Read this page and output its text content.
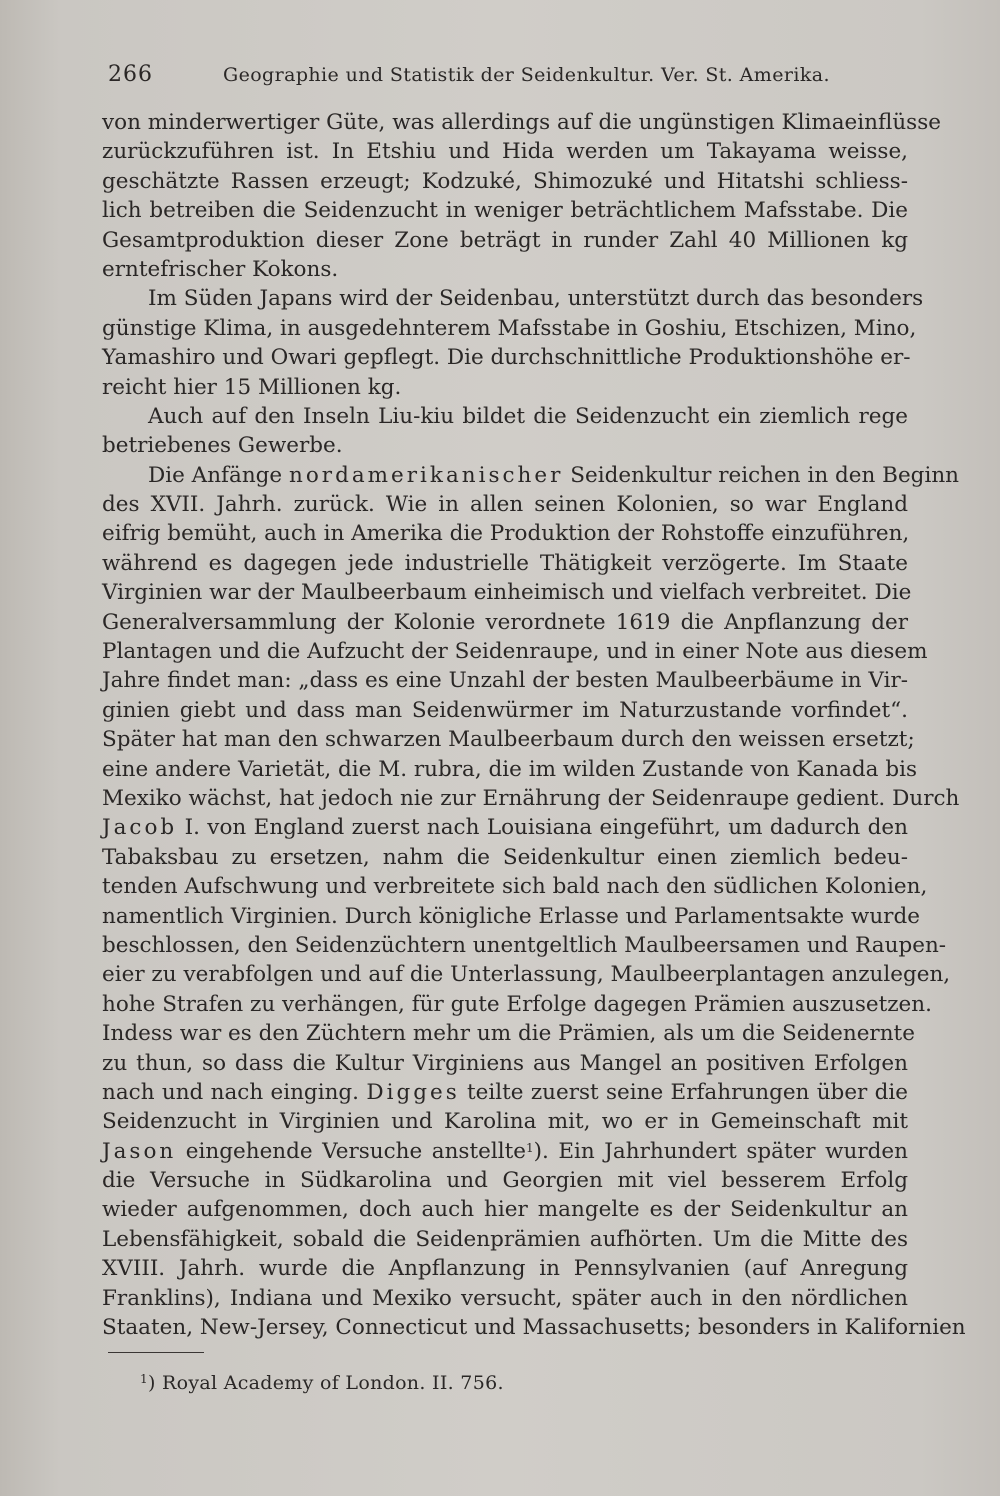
266	Geographie und Statistik der Seidenkultur. Ver. St. Amerika.
von minderwertiger Güte, was allerdings auf die ungünstigen Klimaeinflüsse
zurückzuführen ist. In Etshiu und Hida werden um Takayama weisse,
geschätzte Rassen erzeugt; Kodzuké, Shimozuké und Hitatshi schliess-
lich betreiben die Seidenzucht in weniger beträchtlichem Mafsstabe. Die
Gesamtproduktion dieser Zone beträgt in runder Zahl 40 Millionen kg
erntefrischer Kokons.
Im Süden Japans wird der Seidenbau, unterstützt durch das besonders
günstige Klima, in ausgedehnterem Mafsstabe in Goshiu, Etschizen, Mino,
Yamashiro und Owari gepflegt. Die durchschnittliche Produktionshöhe er-
reicht hier 15 Millionen kg.
Auch auf den Inseln Liu-kiu bildet die Seidenzucht ein ziemlich rege
betriebenes Gewerbe.
Die Anfänge nordamerikanischer Seidenkultur reichen in den Beginn
des XVII. Jahrh. zurück. Wie in allen seinen Kolonien, so war England
eifrig bemüht, auch in Amerika die Produktion der Rohstoffe einzuführen,
während es dagegen jede industrielle Thätigkeit verzögerte. Im Staate
Virginien war der Maulbeerbaum einheimisch und vielfach verbreitet. Die
Generalversammlung der Kolonie verordnete 1619 die Anpflanzung der
Plantagen und die Aufzucht der Seidenraupe, und in einer Note aus diesem
Jahre findet man: „dass es eine Unzahl der besten Maulbeerbäume in Vir-
ginien giebt und dass man Seidenwürmer im Naturzustande vorfindet“.
Später hat man den schwarzen Maulbeerbaum durch den weissen ersetzt;
eine andere Varietät, die M. rubra, die im wilden Zustande von Kanada bis
Mexiko wächst, hat jedoch nie zur Ernährung der Seidenraupe gedient. Durch
Jacob I. von England zuerst nach Louisiana eingeführt, um dadurch den
Tabaksbau zu ersetzen, nahm die Seidenkultur einen ziemlich bedeu-
tenden Aufschwung und verbreitete sich bald nach den südlichen Kolonien,
namentlich Virginien. Durch königliche Erlasse und Parlamentsakte wurde
beschlossen, den Seidenzüchtern unentgeltlich Maulbeersamen und Raupen-
eier zu verabfolgen und auf die Unterlassung, Maulbeerplantagen anzulegen,
hohe Strafen zu verhängen, für gute Erfolge dagegen Prämien auszusetzen.
Indess war es den Züchtern mehr um die Prämien, als um die Seidenernte
zu thun, so dass die Kultur Virginiens aus Mangel an positiven Erfolgen
nach und nach einging. Digges teilte zuerst seine Erfahrungen über die
Seidenzucht in Virginien und Karolina mit, wo er in Gemeinschaft mit
Jason eingehende Versuche anstellte$^1$). Ein Jahrhundert später wurden
die Versuche in Südkarolina und Georgien mit viel besserem Erfolg
wieder aufgenommen, doch auch hier mangelte es der Seidenkultur an
Lebensfähigkeit, sobald die Seidenprämien aufhörten. Um die Mitte des
XVIII. Jahrh. wurde die Anpflanzung in Pennsylvanien (auf Anregung
Franklins), Indiana und Mexiko versucht, später auch in den nördlichen
Staaten, New-Jersey, Connecticut und Massachusetts; besonders in Kalifornien
$^1$) Royal Academy of London. II. 756.
